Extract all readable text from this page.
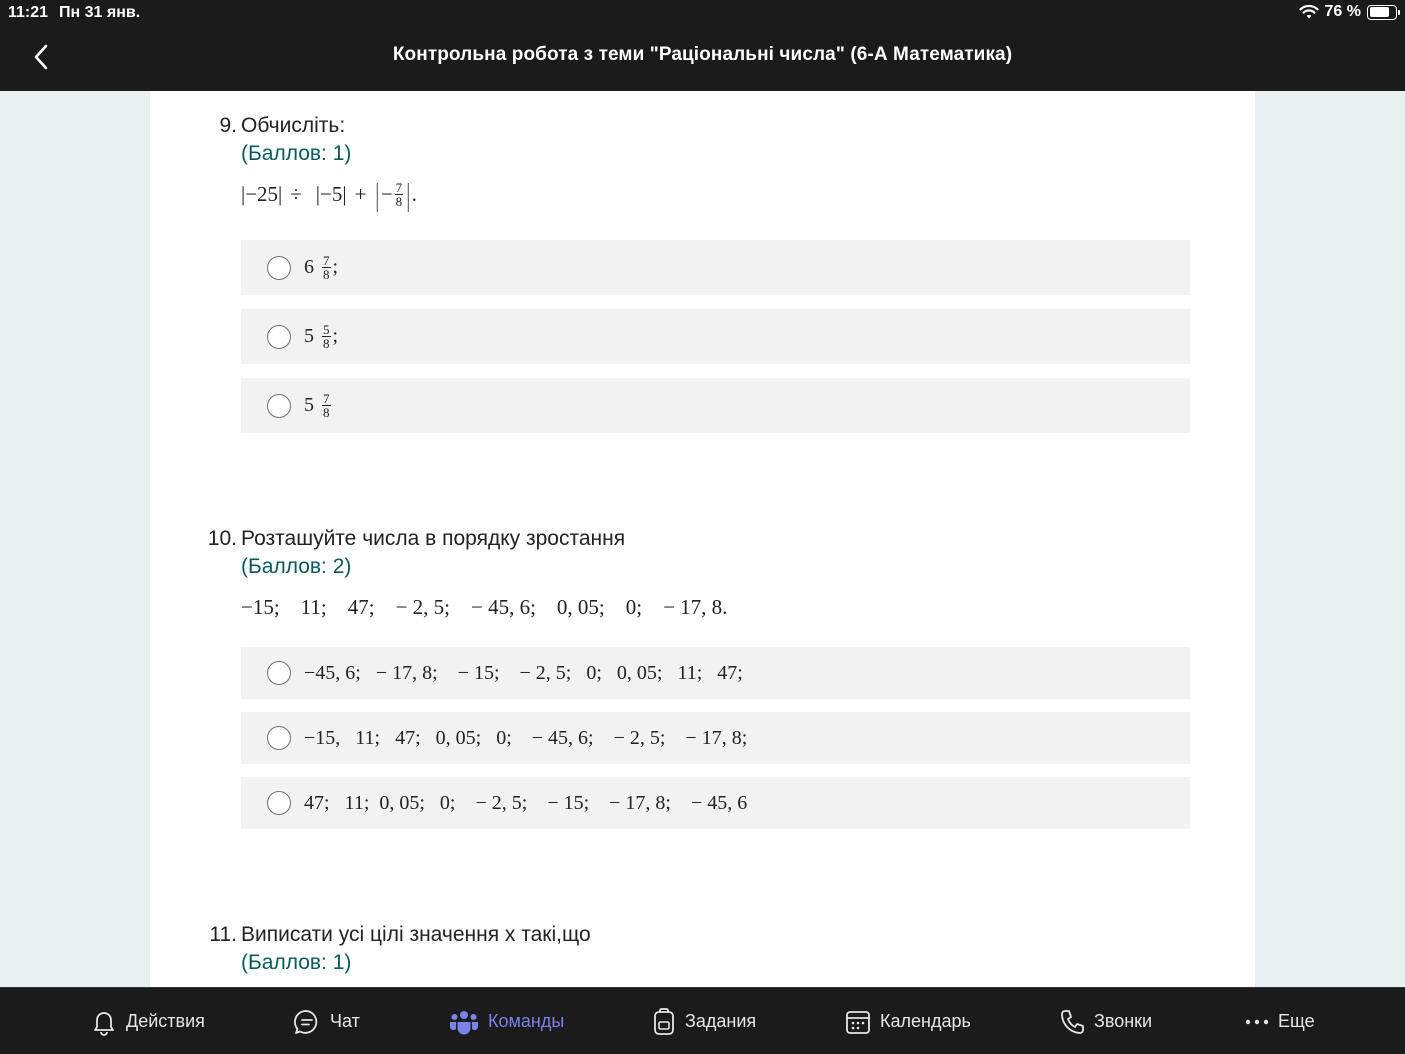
11:21 Пн 31 янв.	76 %
Контрольна робота з теми "Раціональні числа" (6-А Математика)
9. Обчисліть:
(Баллов: 1)
|−25| ÷ |−5| + | − $\frac{7}{8}$ | .
$6 \frac{7}{8}$ ;
$5 \frac{5}{8}$ ;
$5 \frac{7}{8}$
10. Розташуйте числа в порядку зростання
(Баллов: 2)
−15;    11;    47;    − 2, 5;    − 45, 6;    0, 05;    0;    − 17, 8.
−45, 6;   − 17, 8;    − 15;    − 2, 5;   0;   0, 05;   11;   47;
−15,   11;   47;   0, 05;   0;    − 45, 6;    − 2, 5;    − 17, 8;
47;   11;  0, 05;   0;    − 2, 5;    − 15;    − 17, 8;    − 45, 6
11. Виписати усі цілі значення х такі,що
(Баллов: 1)
Действия	Чат	Команды	Задания	Календарь	Звонки	Еще
